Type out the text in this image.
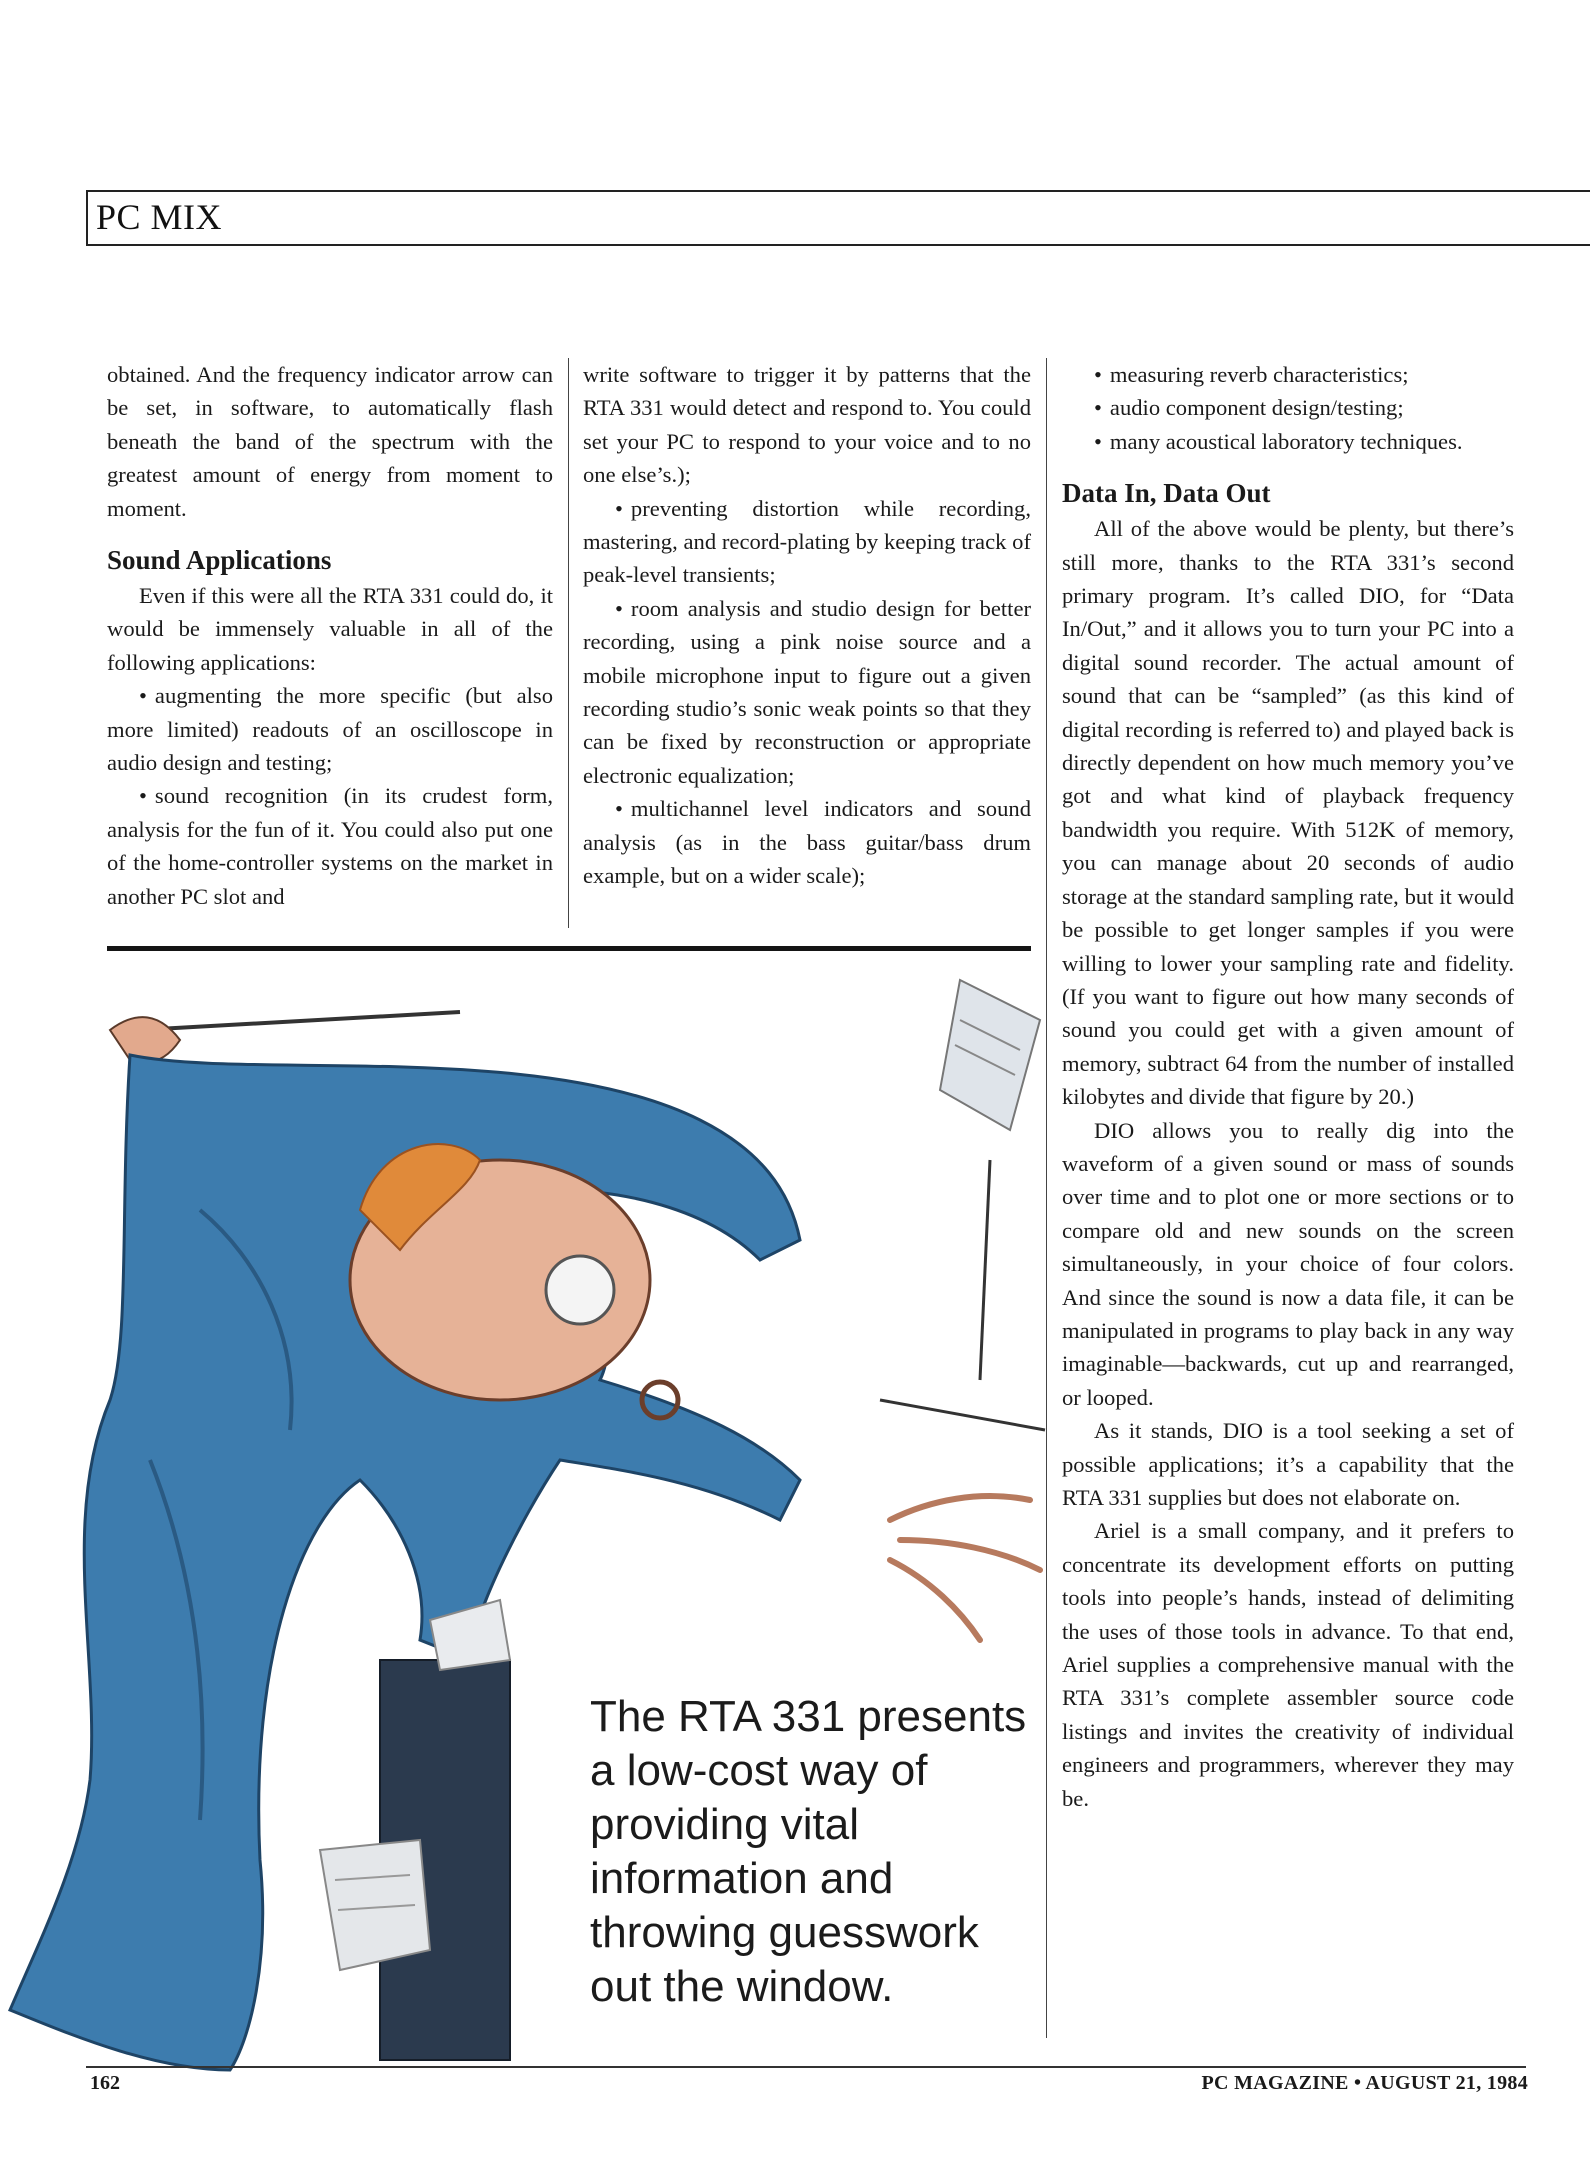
PC MIX

obtained. And the frequency indicator arrow can be set, in software, to automatically flash beneath the band of the spectrum with the greatest amount of energy from moment to moment.

Sound Applications

Even if this were all the RTA 331 could do, it would be immensely valuable in all of the following applications:

• augmenting the more specific (but also more limited) readouts of an oscilloscope in audio design and testing;

• sound recognition (in its crudest form, analysis for the fun of it. You could also put one of the home-controller systems on the market in another PC slot and

write software to trigger it by patterns that the RTA 331 would detect and respond to. You could set your PC to respond to your voice and to no one else’s.);

• preventing distortion while recording, mastering, and record-plating by keeping track of peak-level transients;

• room analysis and studio design for better recording, using a pink noise source and a mobile microphone input to figure out a given recording studio’s sonic weak points so that they can be fixed by reconstruction or appropriate electronic equalization;

• multichannel level indicators and sound analysis (as in the bass guitar/bass drum example, but on a wider scale);

• measuring reverb characteristics;

• audio component design/testing;

• many acoustical laboratory techniques.

Data In, Data Out

All of the above would be plenty, but there’s still more, thanks to the RTA 331’s second primary program. It’s called DIO, for “Data In/Out,” and it allows you to turn your PC into a digital sound recorder. The actual amount of sound that can be “sampled” (as this kind of digital recording is referred to) and played back is directly dependent on how much memory you’ve got and what kind of playback frequency bandwidth you require. With 512K of memory, you can manage about 20 seconds of audio storage at the standard sampling rate, but it would be possible to get longer samples if you were willing to lower your sampling rate and fidelity. (If you want to figure out how many seconds of sound you could get with a given amount of memory, subtract 64 from the number of installed kilobytes and divide that figure by 20.)

DIO allows you to really dig into the waveform of a given sound or mass of sounds over time and to plot one or more sections or to compare old and new sounds on the screen simultaneously, in your choice of four colors. And since the sound is now a data file, it can be manipulated in programs to play back in any way imaginable—backwards, cut up and rearranged, or looped.

As it stands, DIO is a tool seeking a set of possible applications; it’s a capability that the RTA 331 supplies but does not elaborate on.

Ariel is a small company, and it prefers to concentrate its development efforts on putting tools into people’s hands, instead of delimiting the uses of those tools in advance. To that end, Ariel supplies a comprehensive manual with the RTA 331’s complete assembler source code listings and invites the creativity of individual engineers and programmers, wherever they may be.

The RTA 331 presents a low-cost way of providing vital information and throwing guesswork out the window.
162	PC MAGAZINE • AUGUST 21, 1984
